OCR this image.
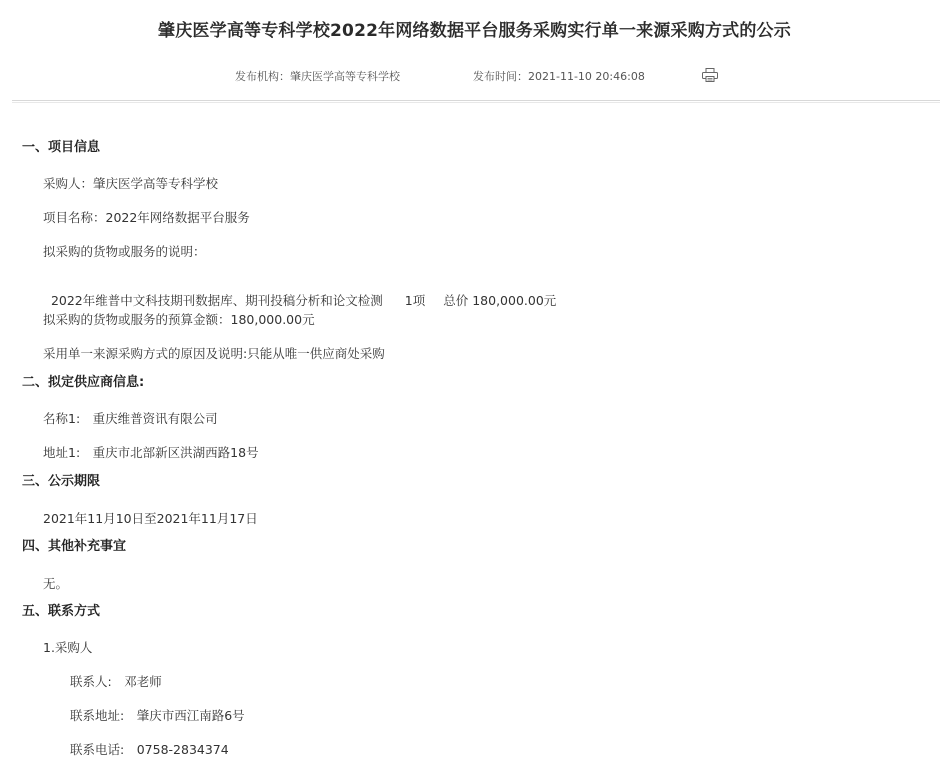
肇庆医学高等专科学校2022年网络数据平台服务采购实行单一来源采购方式的公示
发布机构：肇庆医学高等专科学校	发布时间：2021-11-10 20:46:08
一、项目信息
采购人：肇庆医学高等专科学校
项目名称：2022年网络数据平台服务
拟采购的货物或服务的说明：

2022年维普中文科技期刊数据库、期刊投稿分析和论文检测 1项 总价 180,000.00元

拟采购的货物或服务的预算金额：180,000.00元
采用单一来源采购方式的原因及说明:只能从唯一供应商处采购
二、拟定供应商信息:
名称1:　重庆维普资讯有限公司
地址1:　重庆市北部新区洪湖西路18号
三、公示期限
2021年11月10日至2021年11月17日
四、其他补充事宜
无。
五、联系方式
1.采购人
联系人:　邓老师
联系地址:　肇庆市西江南路6号
联系电话:　0758-2834374
